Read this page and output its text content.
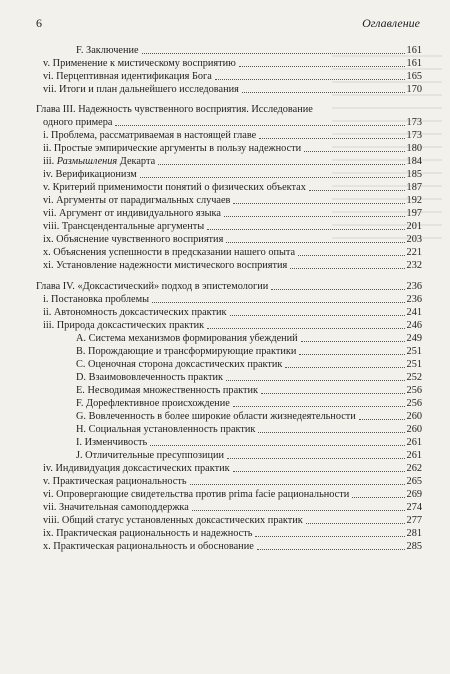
6	Оглавление
F. Заключение	161
v. Применение к мистическому восприятию	161
vi. Перцептивная идентификация Бога	165
vii. Итоги и план дальнейшего исследования	170
Глава III. Надежность чувственного восприятия. Исследование
одного примера	173
i. Проблема, рассматриваемая в настоящей главе	173
ii. Простые эмпирические аргументы в пользу надежности	180
iii. Размышления Декарта	184
iv. Верификационизм	185
v. Критерий применимости понятий о физических объектах	187
vi. Аргументы от парадигмальных случаев	192
vii. Аргумент от индивидуального языка	197
viii. Трансцендентальные аргументы	201
ix. Объяснение чувственного восприятия	203
x. Объяснения успешности в предсказании нашего опыта	221
xi. Установление надежности мистического восприятия	232
Глава IV. «Доксастический» подход в эпистемологии	236
i. Постановка проблемы	236
ii. Автономность доксастических практик	241
iii. Природа доксастических практик	246
A. Система механизмов формирования убеждений	249
B. Порождающие и трансформирующие практики	251
C. Оценочная сторона доксастических практик	251
D. Взаимововлеченность практик	252
E. Несводимая множественность практик	256
F. Дорефлективное происхождение	256
G. Вовлеченность в более широкие области жизнедеятельности	260
H. Социальная установленность практик	260
I. Изменчивость	261
J. Отличительные пресуппозиции	261
iv. Индивидуация доксастических практик	262
v. Практическая рациональность	265
vi. Опровергающие свидетельства против prima facie рациональности	269
vii. Значительная самоподдержка	274
viii. Общий статус установленных доксастических практик	277
ix. Практическая рациональность и надежность	281
x. Практическая рациональность и обоснование	285
